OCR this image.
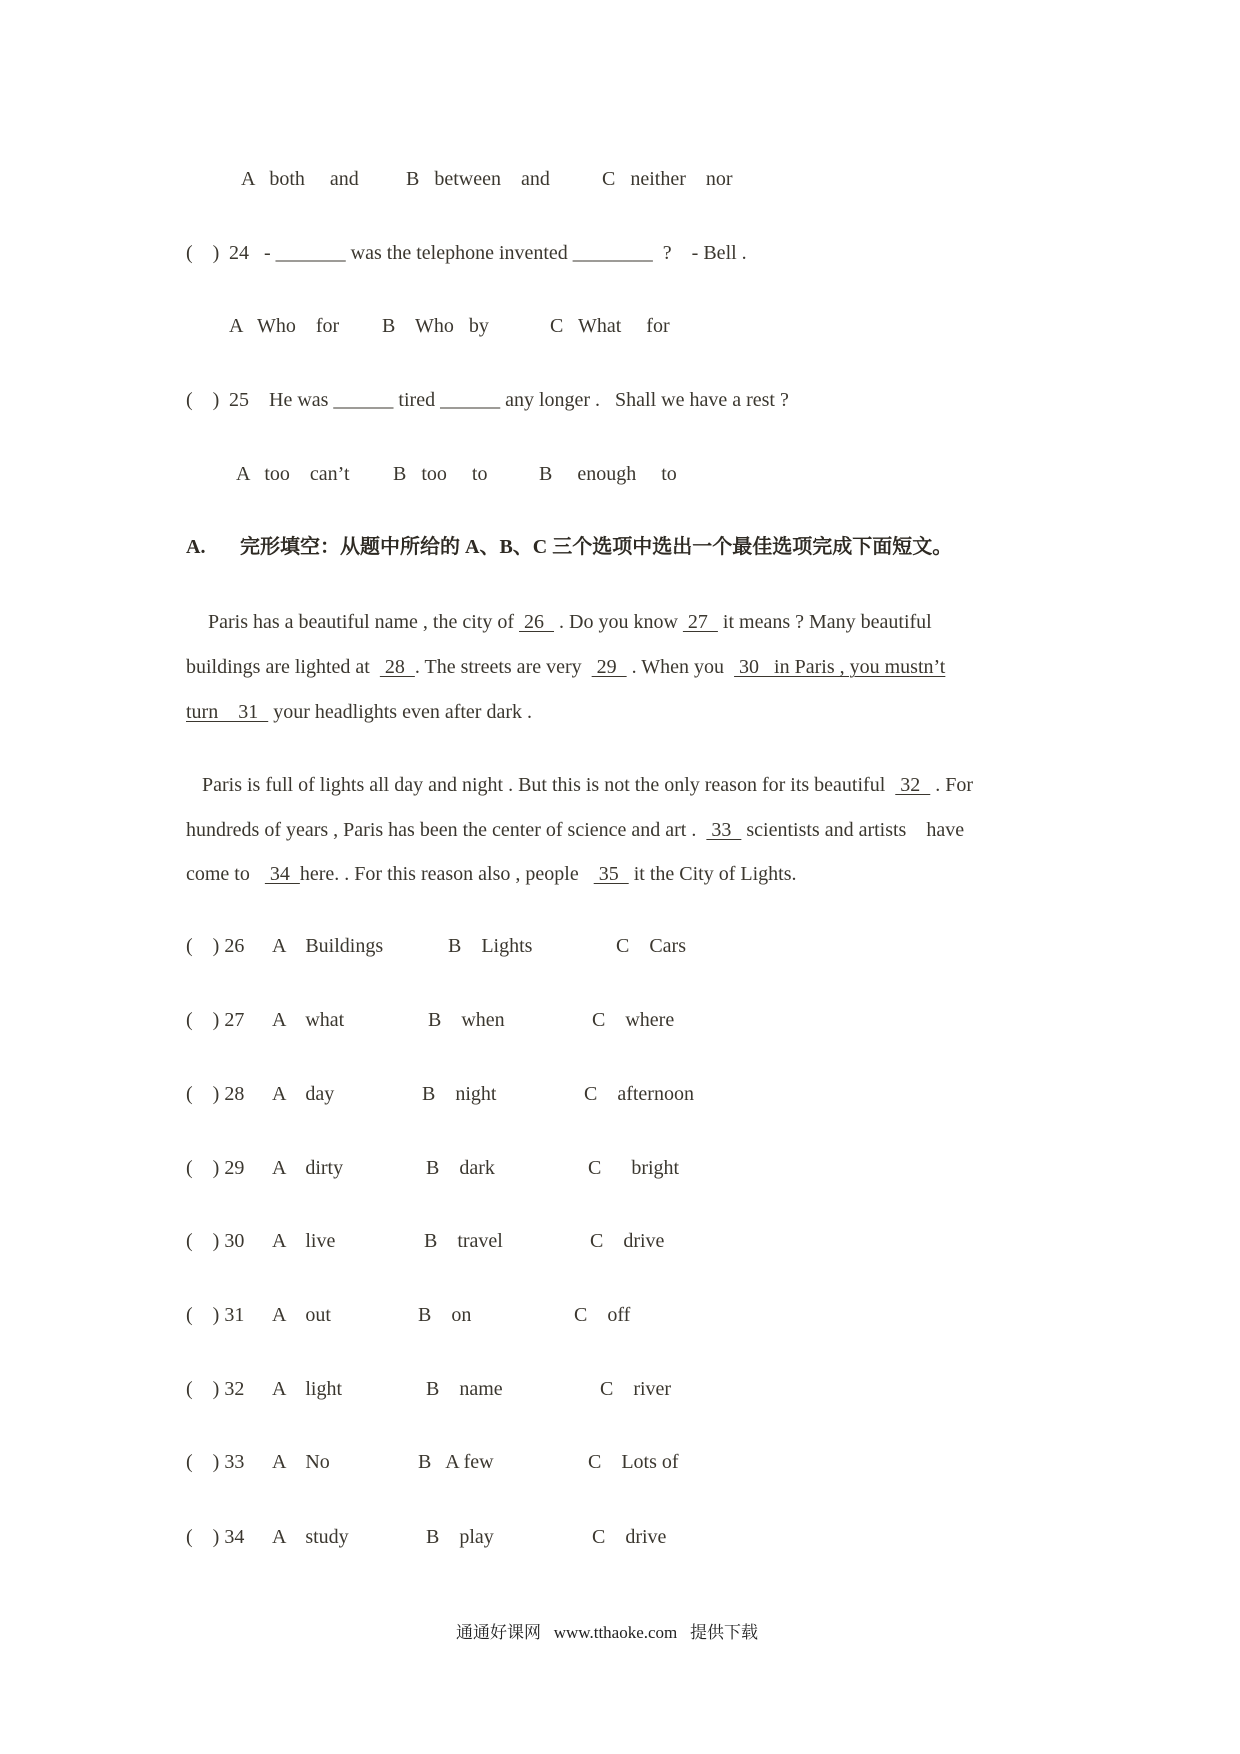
A   both     and B   between    and	C   neither    nor
(    ) 24   - _______ was the telephone invented ________  ?    - Bell .
A   Who    for B    Who   by	C   What     for
(    ) 25    He was ______ tired ______ any longer .   Shall we have a rest ?
A   too    can’t B   too     to	B     enough     to
A. 完形填空：从题中所给的 A、B、C 三个选项中选出一个最佳选项完成下面短文。
Paris has a beautiful name , the city of  26   . Do you know  27   it means ? Many beautiful
buildings are lighted at   28  . The streets are very   29   . When you   30   in Paris , you mustn’t
turn    31   your headlights even after dark .
Paris is full of lights all day and night . But this is not the only reason for its beautiful   32   . For
hundreds of years , Paris has been the center of science and art .   33   scientists and artists    have
come to    34  here. . For this reason also , people    35   it the City of Lights.
(    ) 26 A    Buildings	B    Lights	C    Cars
(    ) 27 A    what	B    when	C    where
(    ) 28 A    day	B    night	C    afternoon
(    ) 29 A    dirty	B    dark	C      bright
(    ) 30 A    live	B    travel	C    drive
(    ) 31 A    out	B    on	C    off
(    ) 32 A    light	B    name	C    river
(    ) 33 A    No	B   A few	C    Lots of
(    ) 34 A    study	B    play	C    drive
通通好课网   www.tthaoke.com   提供下载
